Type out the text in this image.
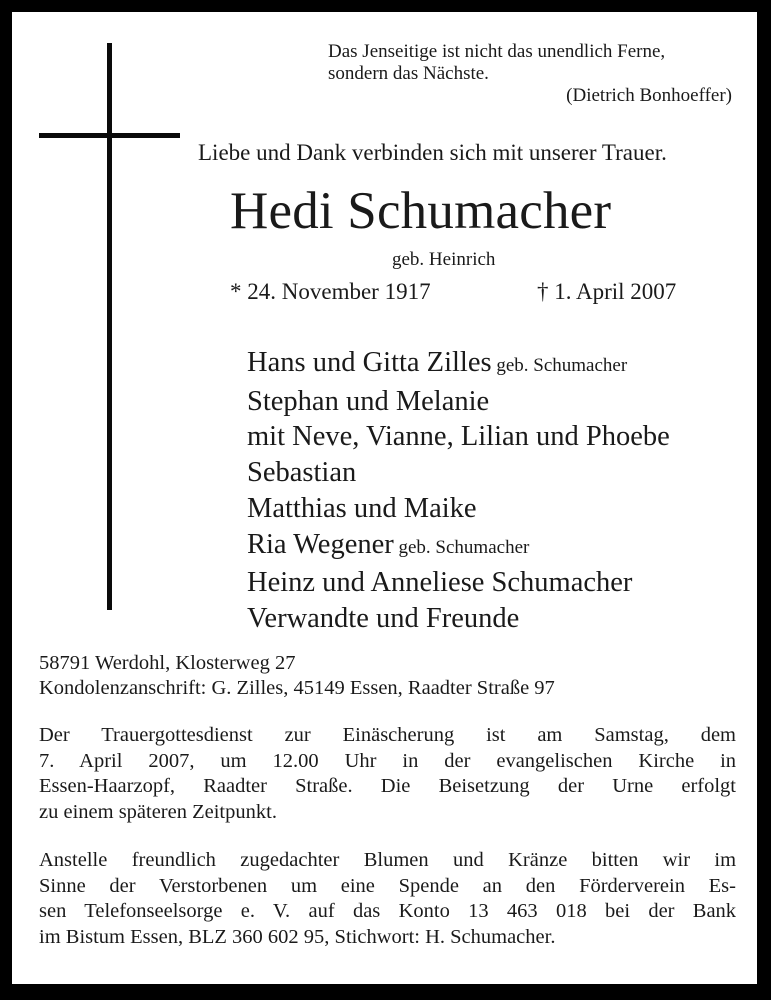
Das Jenseitige ist nicht das unendlich Ferne,
sondern das Nächste.
(Dietrich Bonhoeffer)
Liebe und Dank verbinden sich mit unserer Trauer.
Hedi Schumacher
geb. Heinrich
* 24. November 1917	† 1. April 2007
Hans und Gitta Zilles geb. Schumacher
Stephan und Melanie
mit Neve, Vianne, Lilian und Phoebe
Sebastian
Matthias und Maike
Ria Wegener geb. Schumacher
Heinz und Anneliese Schumacher
Verwandte und Freunde
58791 Werdohl, Klosterweg 27
Kondolenzanschrift: G. Zilles, 45149 Essen, Raadter Straße 97
Der Trauergottesdienst zur Einäscherung ist am Samstag, dem
7. April 2007, um 12.00 Uhr in der evangelischen Kirche in
Essen-Haarzopf, Raadter Straße. Die Beisetzung der Urne erfolgt
zu einem späteren Zeitpunkt.
Anstelle freundlich zugedachter Blumen und Kränze bitten wir im
Sinne der Verstorbenen um eine Spende an den Förderverein Es-
sen Telefonseelsorge e. V. auf das Konto 13 463 018 bei der Bank
im Bistum Essen, BLZ 360 602 95, Stichwort: H. Schumacher.
